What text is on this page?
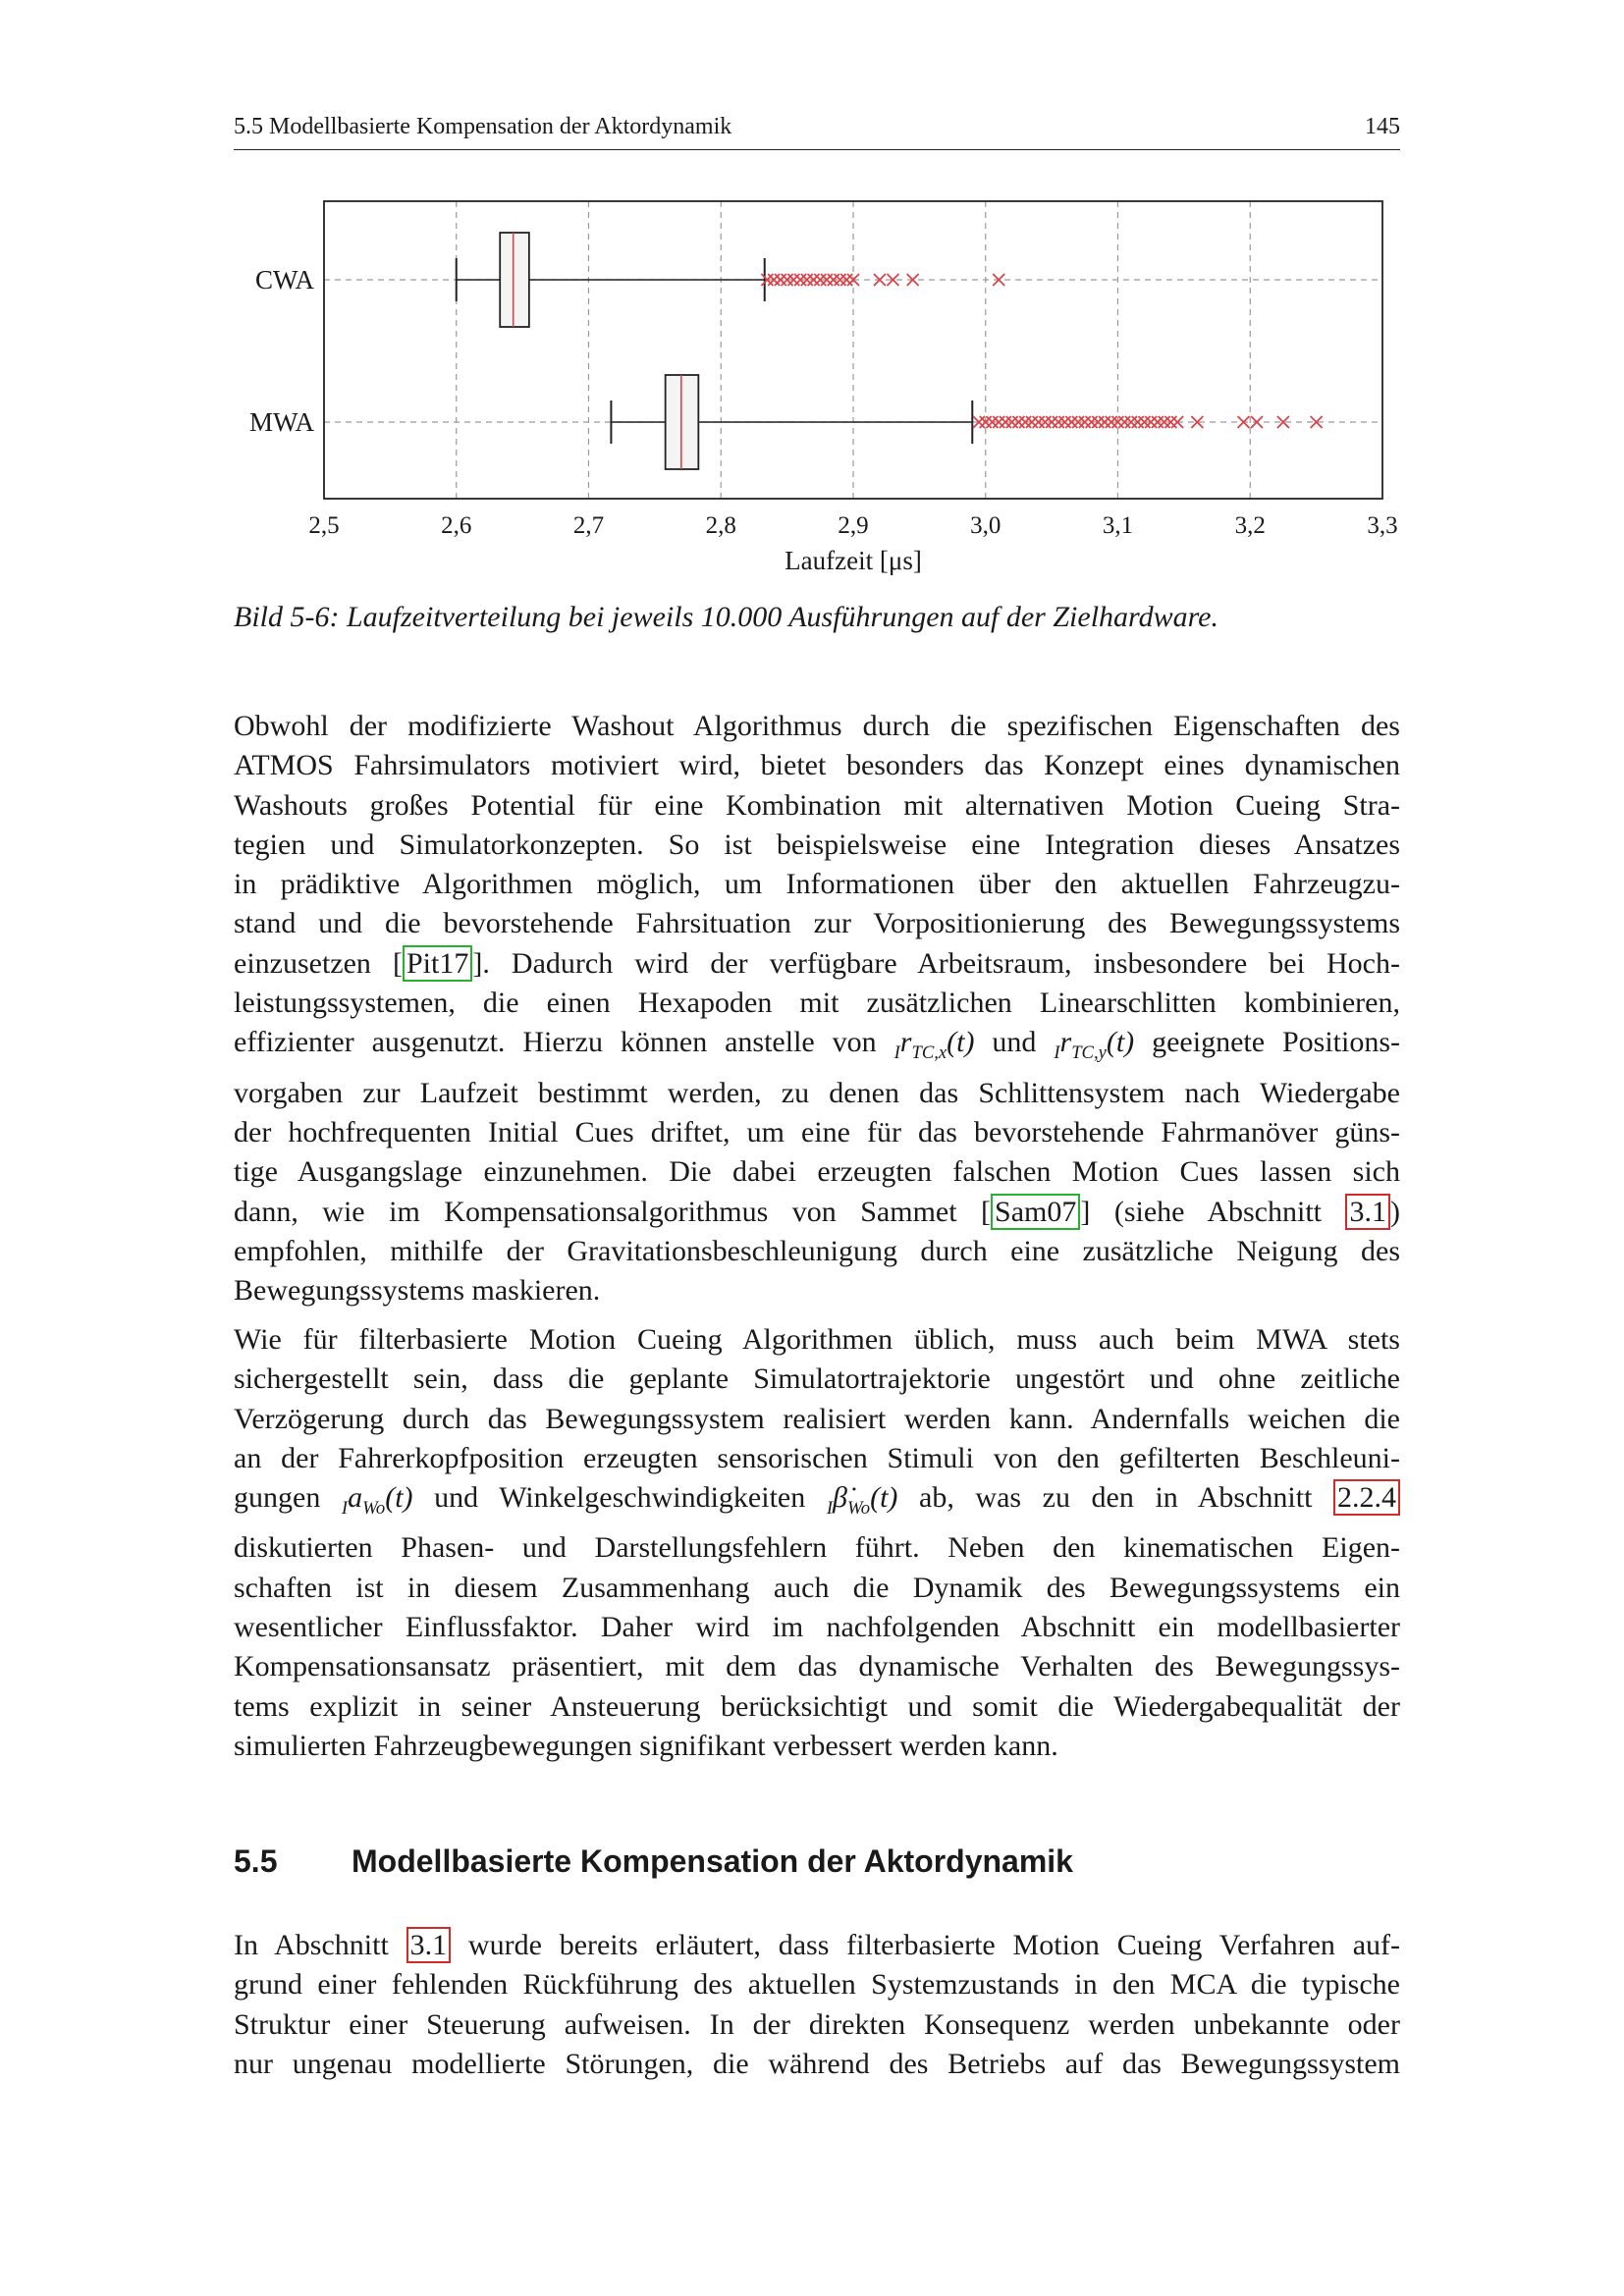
5.5 Modellbasierte Kompensation der Aktordynamik	145
2,5	2,6	2,7	2,8	2,9	3,0	3,1	3,2	3,3
CWA
MWA
Laufzeit [μs]
Bild 5-6: Laufzeitverteilung bei jeweils 10.000 Ausführungen auf der Zielhardware.
Obwohl der modifizierte Washout Algorithmus durch die spezifischen Eigenschaften des
ATMOS Fahrsimulators motiviert wird, bietet besonders das Konzept eines dynamischen
Washouts großes Potential für eine Kombination mit alternativen Motion Cueing Stra-
tegien und Simulatorkonzepten. So ist beispielsweise eine Integration dieses Ansatzes
in prädiktive Algorithmen möglich, um Informationen über den aktuellen Fahrzeugzu-
stand und die bevorstehende Fahrsituation zur Vorpositionierung des Bewegungssystems
einzusetzen [ Pit17 ]. Dadurch wird der verfügbare Arbeitsraum, insbesondere bei Hoch-
leistungssystemen, die einen Hexapoden mit zusätzlichen Linearschlitten kombinieren,
effizienter ausgenutzt. Hierzu können anstelle von $_Ir_{TC,x}(t)$ und $_Ir_{TC,y}(t)$ geeignete Positions-
vorgaben zur Laufzeit bestimmt werden, zu denen das Schlittensystem nach Wiedergabe
der hochfrequenten Initial Cues driftet, um eine für das bevorstehende Fahrmanöver güns-
tige Ausgangslage einzunehmen. Die dabei erzeugten falschen Motion Cues lassen sich
dann, wie im Kompensationsalgorithmus von Sammet [ Sam07 ] (siehe Abschnitt 3.1 )
empfohlen, mithilfe der Gravitationsbeschleunigung durch eine zusätzliche Neigung des
Bewegungssystems maskieren.
Wie für filterbasierte Motion Cueing Algorithmen üblich, muss auch beim MWA stets
sichergestellt sein, dass die geplante Simulatortrajektorie ungestört und ohne zeitliche
Verzögerung durch das Bewegungssystem realisiert werden kann. Andernfalls weichen die
an der Fahrerkopfposition erzeugten sensorischen Stimuli von den gefilterten Beschleuni-
gungen $_Ia_{Wo}(t)$ und Winkelgeschwindigkeiten $_I\betȧ_{Wo}(t)$ ab, was zu den in Abschnitt 2.2.4
diskutierten Phasen- und Darstellungsfehlern führt. Neben den kinematischen Eigen-
schaften ist in diesem Zusammenhang auch die Dynamik des Bewegungssystems ein
wesentlicher Einflussfaktor. Daher wird im nachfolgenden Abschnitt ein modellbasierter
Kompensationsansatz präsentiert, mit dem das dynamische Verhalten des Bewegungssys-
tems explizit in seiner Ansteuerung berücksichtigt und somit die Wiedergabequalität der
simulierten Fahrzeugbewegungen signifikant verbessert werden kann.
5.5 Modellbasierte Kompensation der Aktordynamik
In Abschnitt 3.1 wurde bereits erläutert, dass filterbasierte Motion Cueing Verfahren auf-
grund einer fehlenden Rückführung des aktuellen Systemzustands in den MCA die typische
Struktur einer Steuerung aufweisen. In der direkten Konsequenz werden unbekannte oder
nur ungenau modellierte Störungen, die während des Betriebs auf das Bewegungssystem
